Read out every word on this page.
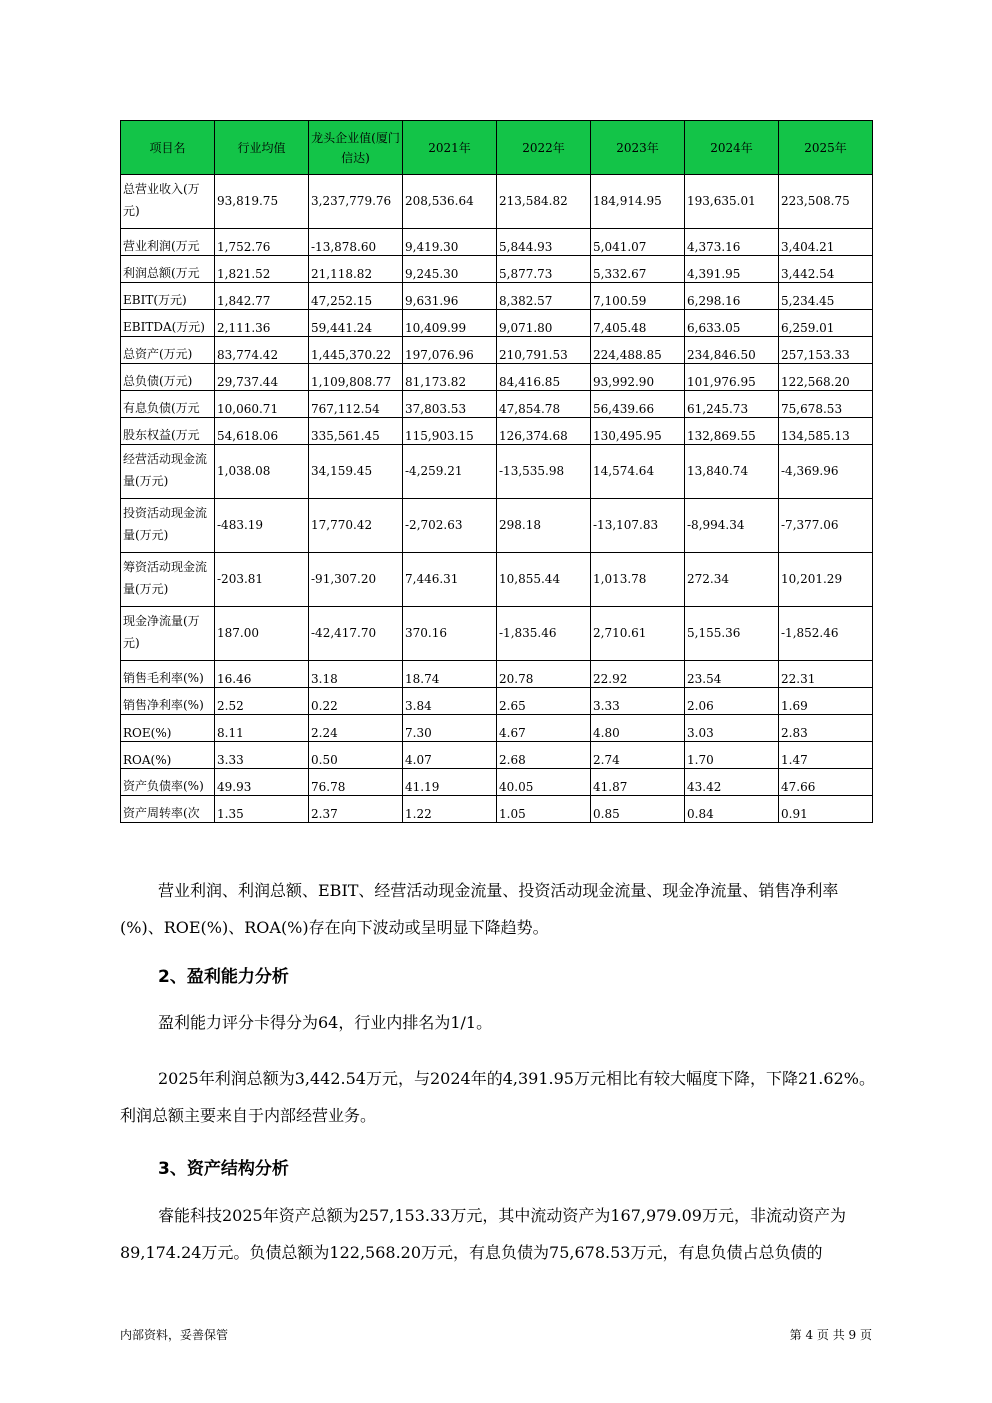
项目名	行业均值	龙头企业值(厦门信达)	2021年	2022年	2023年	2024年	2025年
总营业收入(万元)	93,819.75	3,237,779.76	208,536.64	213,584.82	184,914.95	193,635.01	223,508.75
营业利润(万元	1,752.76	-13,878.60	9,419.30	5,844.93	5,041.07	4,373.16	3,404.21
利润总额(万元	1,821.52	21,118.82	9,245.30	5,877.73	5,332.67	4,391.95	3,442.54
EBIT(万元)	1,842.77	47,252.15	9,631.96	8,382.57	7,100.59	6,298.16	5,234.45
EBITDA(万元)	2,111.36	59,441.24	10,409.99	9,071.80	7,405.48	6,633.05	6,259.01
总资产(万元)	83,774.42	1,445,370.22	197,076.96	210,791.53	224,488.85	234,846.50	257,153.33
总负债(万元)	29,737.44	1,109,808.77	81,173.82	84,416.85	93,992.90	101,976.95	122,568.20
有息负债(万元	10,060.71	767,112.54	37,803.53	47,854.78	56,439.66	61,245.73	75,678.53
股东权益(万元	54,618.06	335,561.45	115,903.15	126,374.68	130,495.95	132,869.55	134,585.13
经营活动现金流量(万元)	1,038.08	34,159.45	-4,259.21	-13,535.98	14,574.64	13,840.74	-4,369.96
投资活动现金流量(万元)	-483.19	17,770.42	-2,702.63	298.18	-13,107.83	-8,994.34	-7,377.06
筹资活动现金流量(万元)	-203.81	-91,307.20	7,446.31	10,855.44	1,013.78	272.34	10,201.29
现金净流量(万元)	187.00	-42,417.70	370.16	-1,835.46	2,710.61	5,155.36	-1,852.46
销售毛利率(%)	16.46	3.18	18.74	20.78	22.92	23.54	22.31
销售净利率(%)	2.52	0.22	3.84	2.65	3.33	2.06	1.69
ROE(%)	8.11	2.24	7.30	4.67	4.80	3.03	2.83
ROA(%)	3.33	0.50	4.07	2.68	2.74	1.70	1.47
资产负债率(%)	49.93	76.78	41.19	40.05	41.87	43.42	47.66
资产周转率(次	1.35	2.37	1.22	1.05	0.85	0.84	0.91

营业利润、利润总额、EBIT、经营活动现金流量、投资活动现金流量、现金净流量、销售净利率(%)、ROE(%)、ROA(%)存在向下波动或呈明显下降趋势。

2、盈利能力分析

盈利能力评分卡得分为64，行业内排名为1/1。

2025年利润总额为3,442.54万元，与2024年的4,391.95万元相比有较大幅度下降，下降21.62%。利润总额主要来自于内部经营业务。

3、资产结构分析

睿能科技2025年资产总额为257,153.33万元，其中流动资产为167,979.09万元，非流动资产为89,174.24万元。负债总额为122,568.20万元，有息负债为75,678.53万元，有息负债占总负债的

内部资料，妥善保管	第 4 页 共 9 页
